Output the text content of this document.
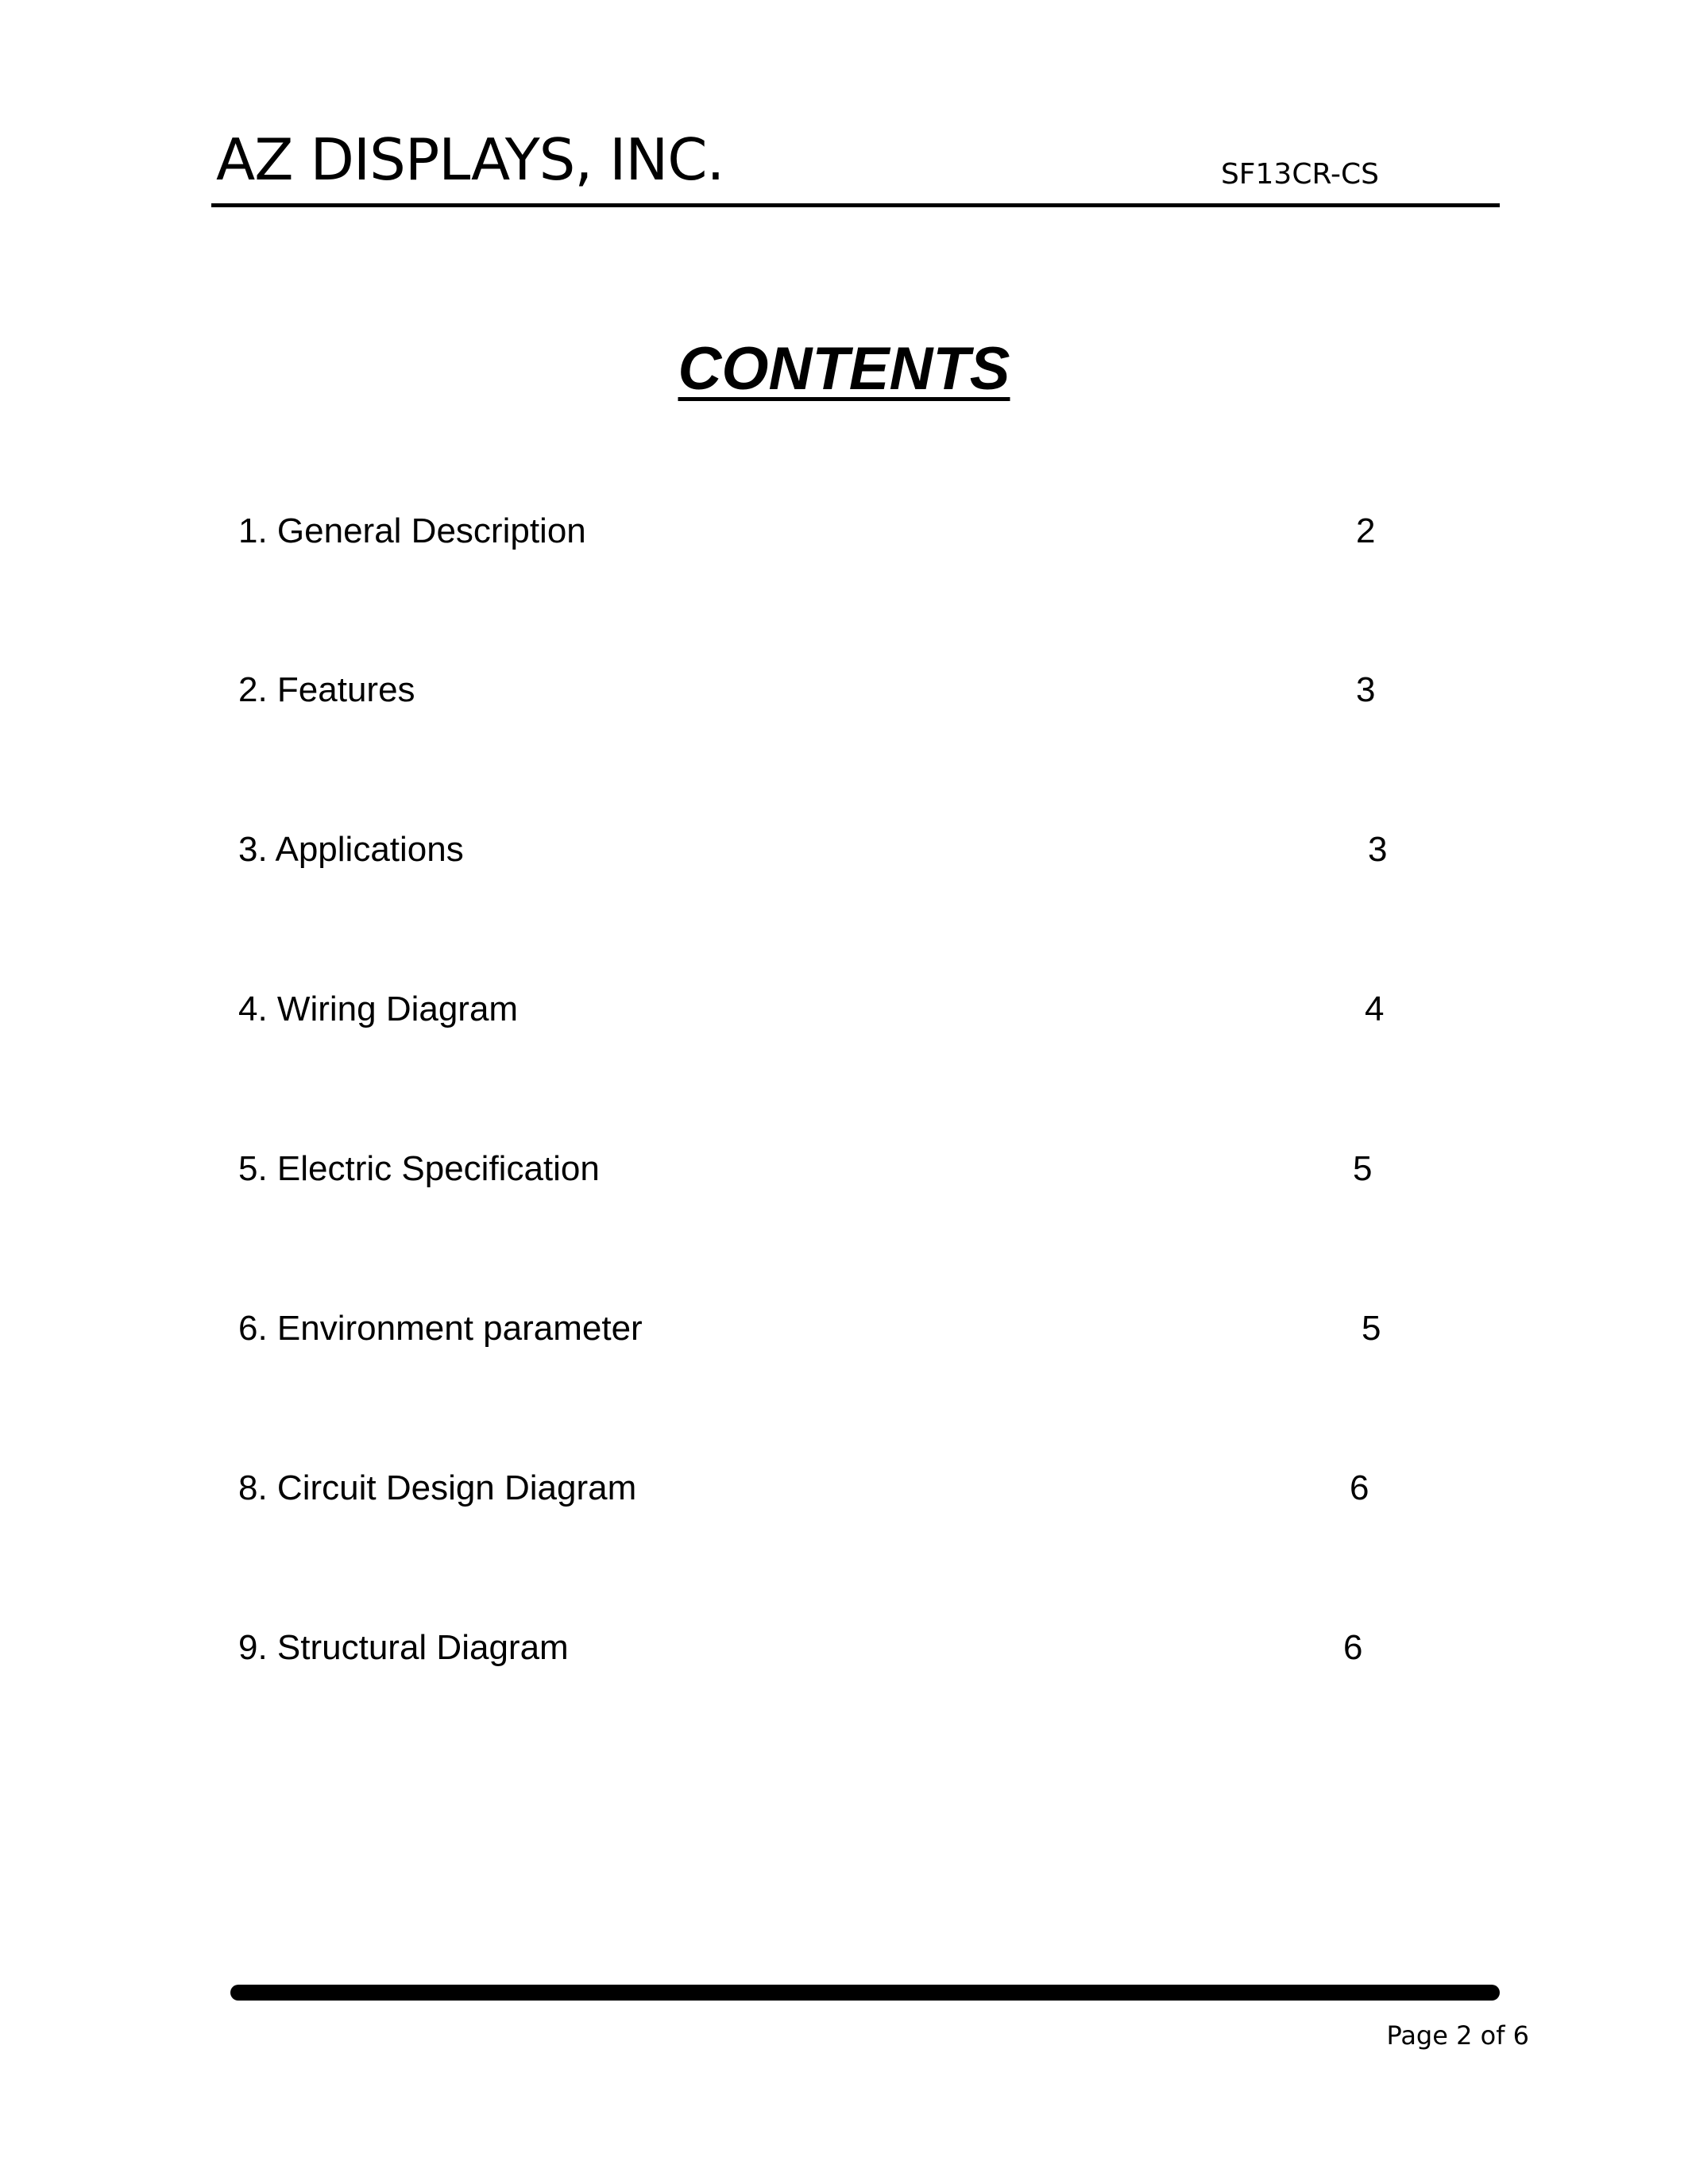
AZ DISPLAYS, INC.	SF13CR-CS
CONTENTS
1. General Description	2
2. Features	3
3. Applications	3
4. Wiring Diagram	4
5. Electric Specification	5
6. Environment parameter	5
8. Circuit Design Diagram	6
9. Structural Diagram	6
Page 2 of 6
